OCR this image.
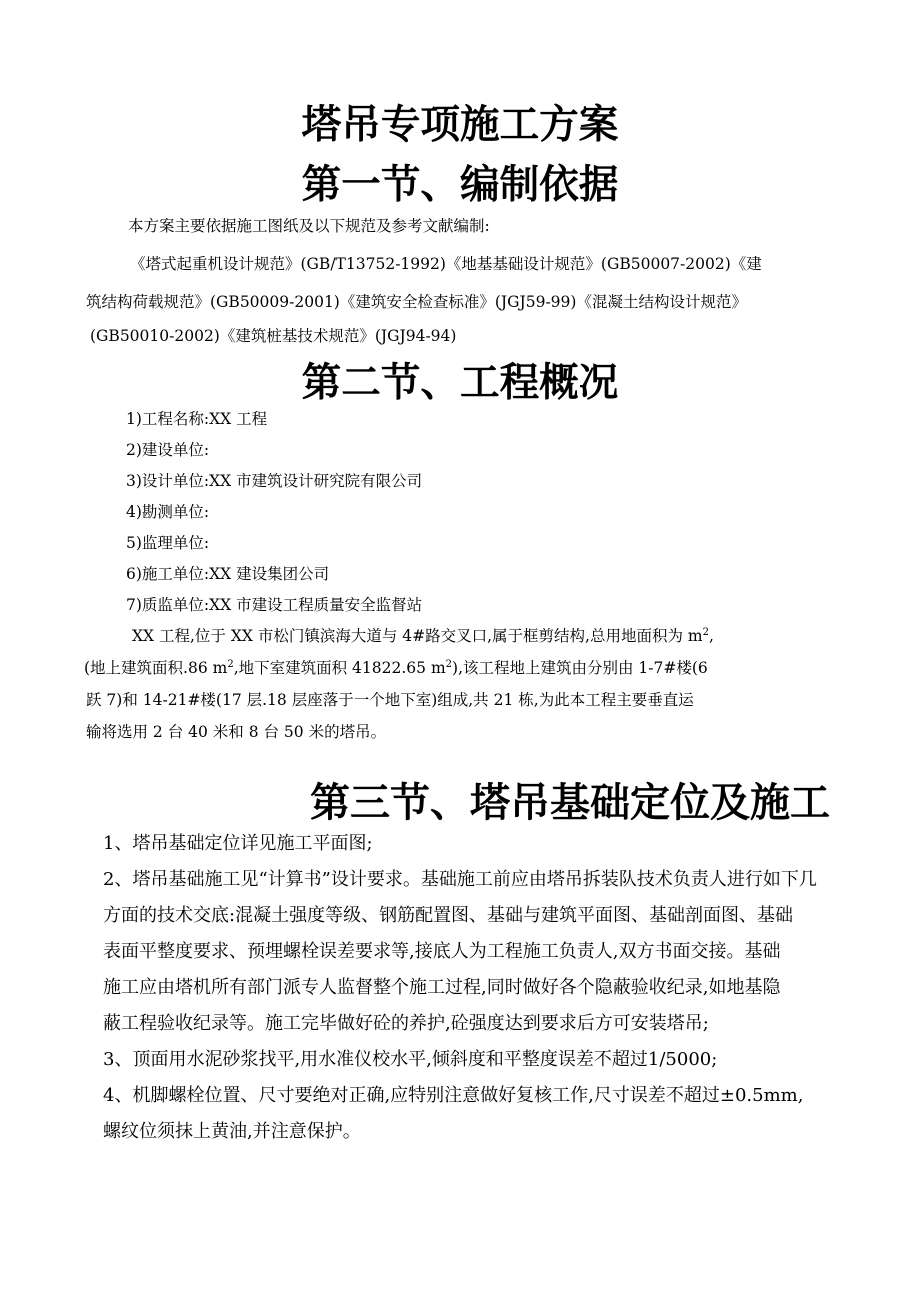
塔吊专项施工方案
第一节、编制依据
本方案主要依据施工图纸及以下规范及参考文献编制:
《塔式起重机设计规范》(GB/T13752-1992)《地基基础设计规范》(GB50007-2002)《建
筑结构荷载规范》(GB50009-2001)《建筑安全检查标准》(JGJ59-99)《混凝土结构设计规范》
(GB50010-2002)《建筑桩基技术规范》(JGJ94-94)
第二节、工程概况
1)工程名称:XX 工程
2)建设单位:
3)设计单位:XX 市建筑设计研究院有限公司
4)勘测单位:
5)监理单位:
6)施工单位:XX 建设集团公司
7)质监单位:XX 市建设工程质量安全监督站
XX 工程,位于 XX 市松门镇滨海大道与 4#路交叉口,属于框剪结构,总用地面积为 $m^2$,
(地上建筑面积.86 $m^2$,地下室建筑面积 41822.65 $m^2$),该工程地上建筑由分别由 1-7#楼(6
跃 7)和 14-21#楼(17 层.18 层座落于一个地下室)组成,共 21 栋,为此本工程主要垂直运
输将选用 2 台 40 米和 8 台 50 米的塔吊。
第三节、塔吊基础定位及施工
1、塔吊基础定位详见施工平面图;
2、塔吊基础施工见“计算书”设计要求。基础施工前应由塔吊拆装队技术负责人进行如下几
方面的技术交底:混凝土强度等级、钢筋配置图、基础与建筑平面图、基础剖面图、基础
表面平整度要求、预埋螺栓误差要求等,接底人为工程施工负责人,双方书面交接。基础
施工应由塔机所有部门派专人监督整个施工过程,同时做好各个隐蔽验收纪录,如地基隐
蔽工程验收纪录等。施工完毕做好砼的养护,砼强度达到要求后方可安装塔吊;
3、顶面用水泥砂浆找平,用水准仪校水平,倾斜度和平整度误差不超过1/5000;
4、机脚螺栓位置、尺寸要绝对正确,应特别注意做好复核工作,尺寸误差不超过±0.5mm,
螺纹位须抹上黄油,并注意保护。
